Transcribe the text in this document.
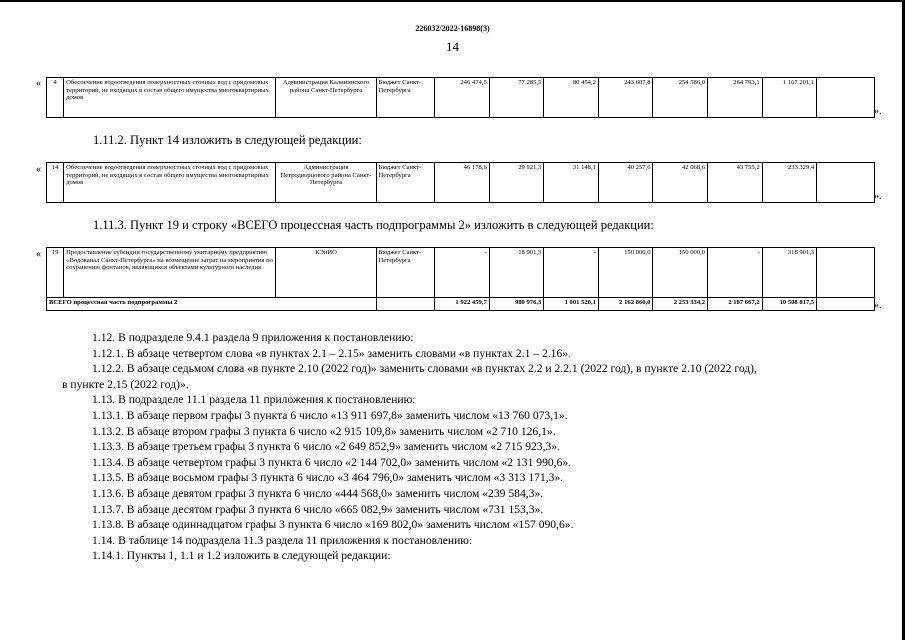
226032/2022-16898(3)
14
« 4	Обеспечение водоотведения поверхностных сточных вод с придомовых территорий, не входящих в состав общего имущества многоквартирных домов	Администрация Калининского района Санкт-Петербурга	Бюджет Санкт-Петербурга	246 474,5	77 285,5	80 454,2	243 607,8	254 586,0	264 793,1	1 167 201,1	
».
1.11.2. Пункт 14 изложить в следующей редакции:
« 14	Обеспечение водоотведения поверхностных сточных вод с придомовых территорий, не входящих в состав общего имущества многоквартирных домов	Администрация Петродворцового района Санкт-Петербурга	Бюджет Санкт-Петербурга	46 178,6	29 921,3	31 148,1	40 257,6	42 068,6	43 755,2	233 329,4	
».
1.11.3. Пункт 19 и строку «ВСЕГО процессная часть подпрограммы 2» изложить в следующей редакции:
« 19	Предоставление субсидии государственному унитарному предприятию «Водоканал Санкт-Петербурга» на возмещение затрат на мероприятия по сохранению фонтанов, являющихся объектами культурного наследия	КЭиИО	Бюджет Санкт-Петербурга	-	18 901,3	-	150 000,0	150 000,0	-	318 901,3	
ВСЕГО процессная часть подпрограммы 2				1 922 459,7	980 976,3	1 001 520,1	2 162 860,0	2 253 334,2	2 187 667,2	10 508 817,5		».

1.12. В подразделе 9.4.1 раздела 9 приложения к постановлению:

1.12.1. В абзаце четвертом слова «в пунктах 2.1 – 2.15» заменить словами «в пунктах 2.1 – 2.16».

1.12.2. В абзаце седьмом слова «в пункте 2.10 (2022 год)» заменить словами «в пунктах 2.2 и 2.2.1 (2022 год), в пункте 2.10 (2022 год),

в пункте 2.15 (2022 год)».

1.13. В подразделе 11.1 раздела 11 приложения к постановлению:

1.13.1. В абзаце первом графы 3 пункта 6 число «13 911 697,8» заменить числом «13 760 073,1».

1.13.2. В абзаце втором графы 3 пункта 6 число «2 915 109,8» заменить числом «2 710 126,1».

1.13.3. В абзаце третьем графы 3 пункта 6 число «2 649 852,9» заменить числом «2 715 923,3».

1.13.4. В абзаце четвертом графы 3 пункта 6 число «2 144 702,0» заменить числом «2 131 990,6».

1.13.5. В абзаце восьмом графы 3 пункта 6 число «3 464 796,0» заменить числом «3 313 171,3».

1.13.6. В абзаце девятом графы 3 пункта 6 число «444 568,0» заменить числом «239 584,3».

1.13.7. В абзаце десятом графы 3 пункта 6 число «665 082,9» заменить числом «731 153,3».

1.13.8. В абзаце одиннадцатом графы 3 пункта 6 число «169 802,0» заменить числом «157 090,6».

1.14. В таблице 14 подраздела 11.3 раздела 11 приложения к постановлению:

1.14.1. Пункты 1, 1.1 и 1.2 изложить в следующей редакции:
